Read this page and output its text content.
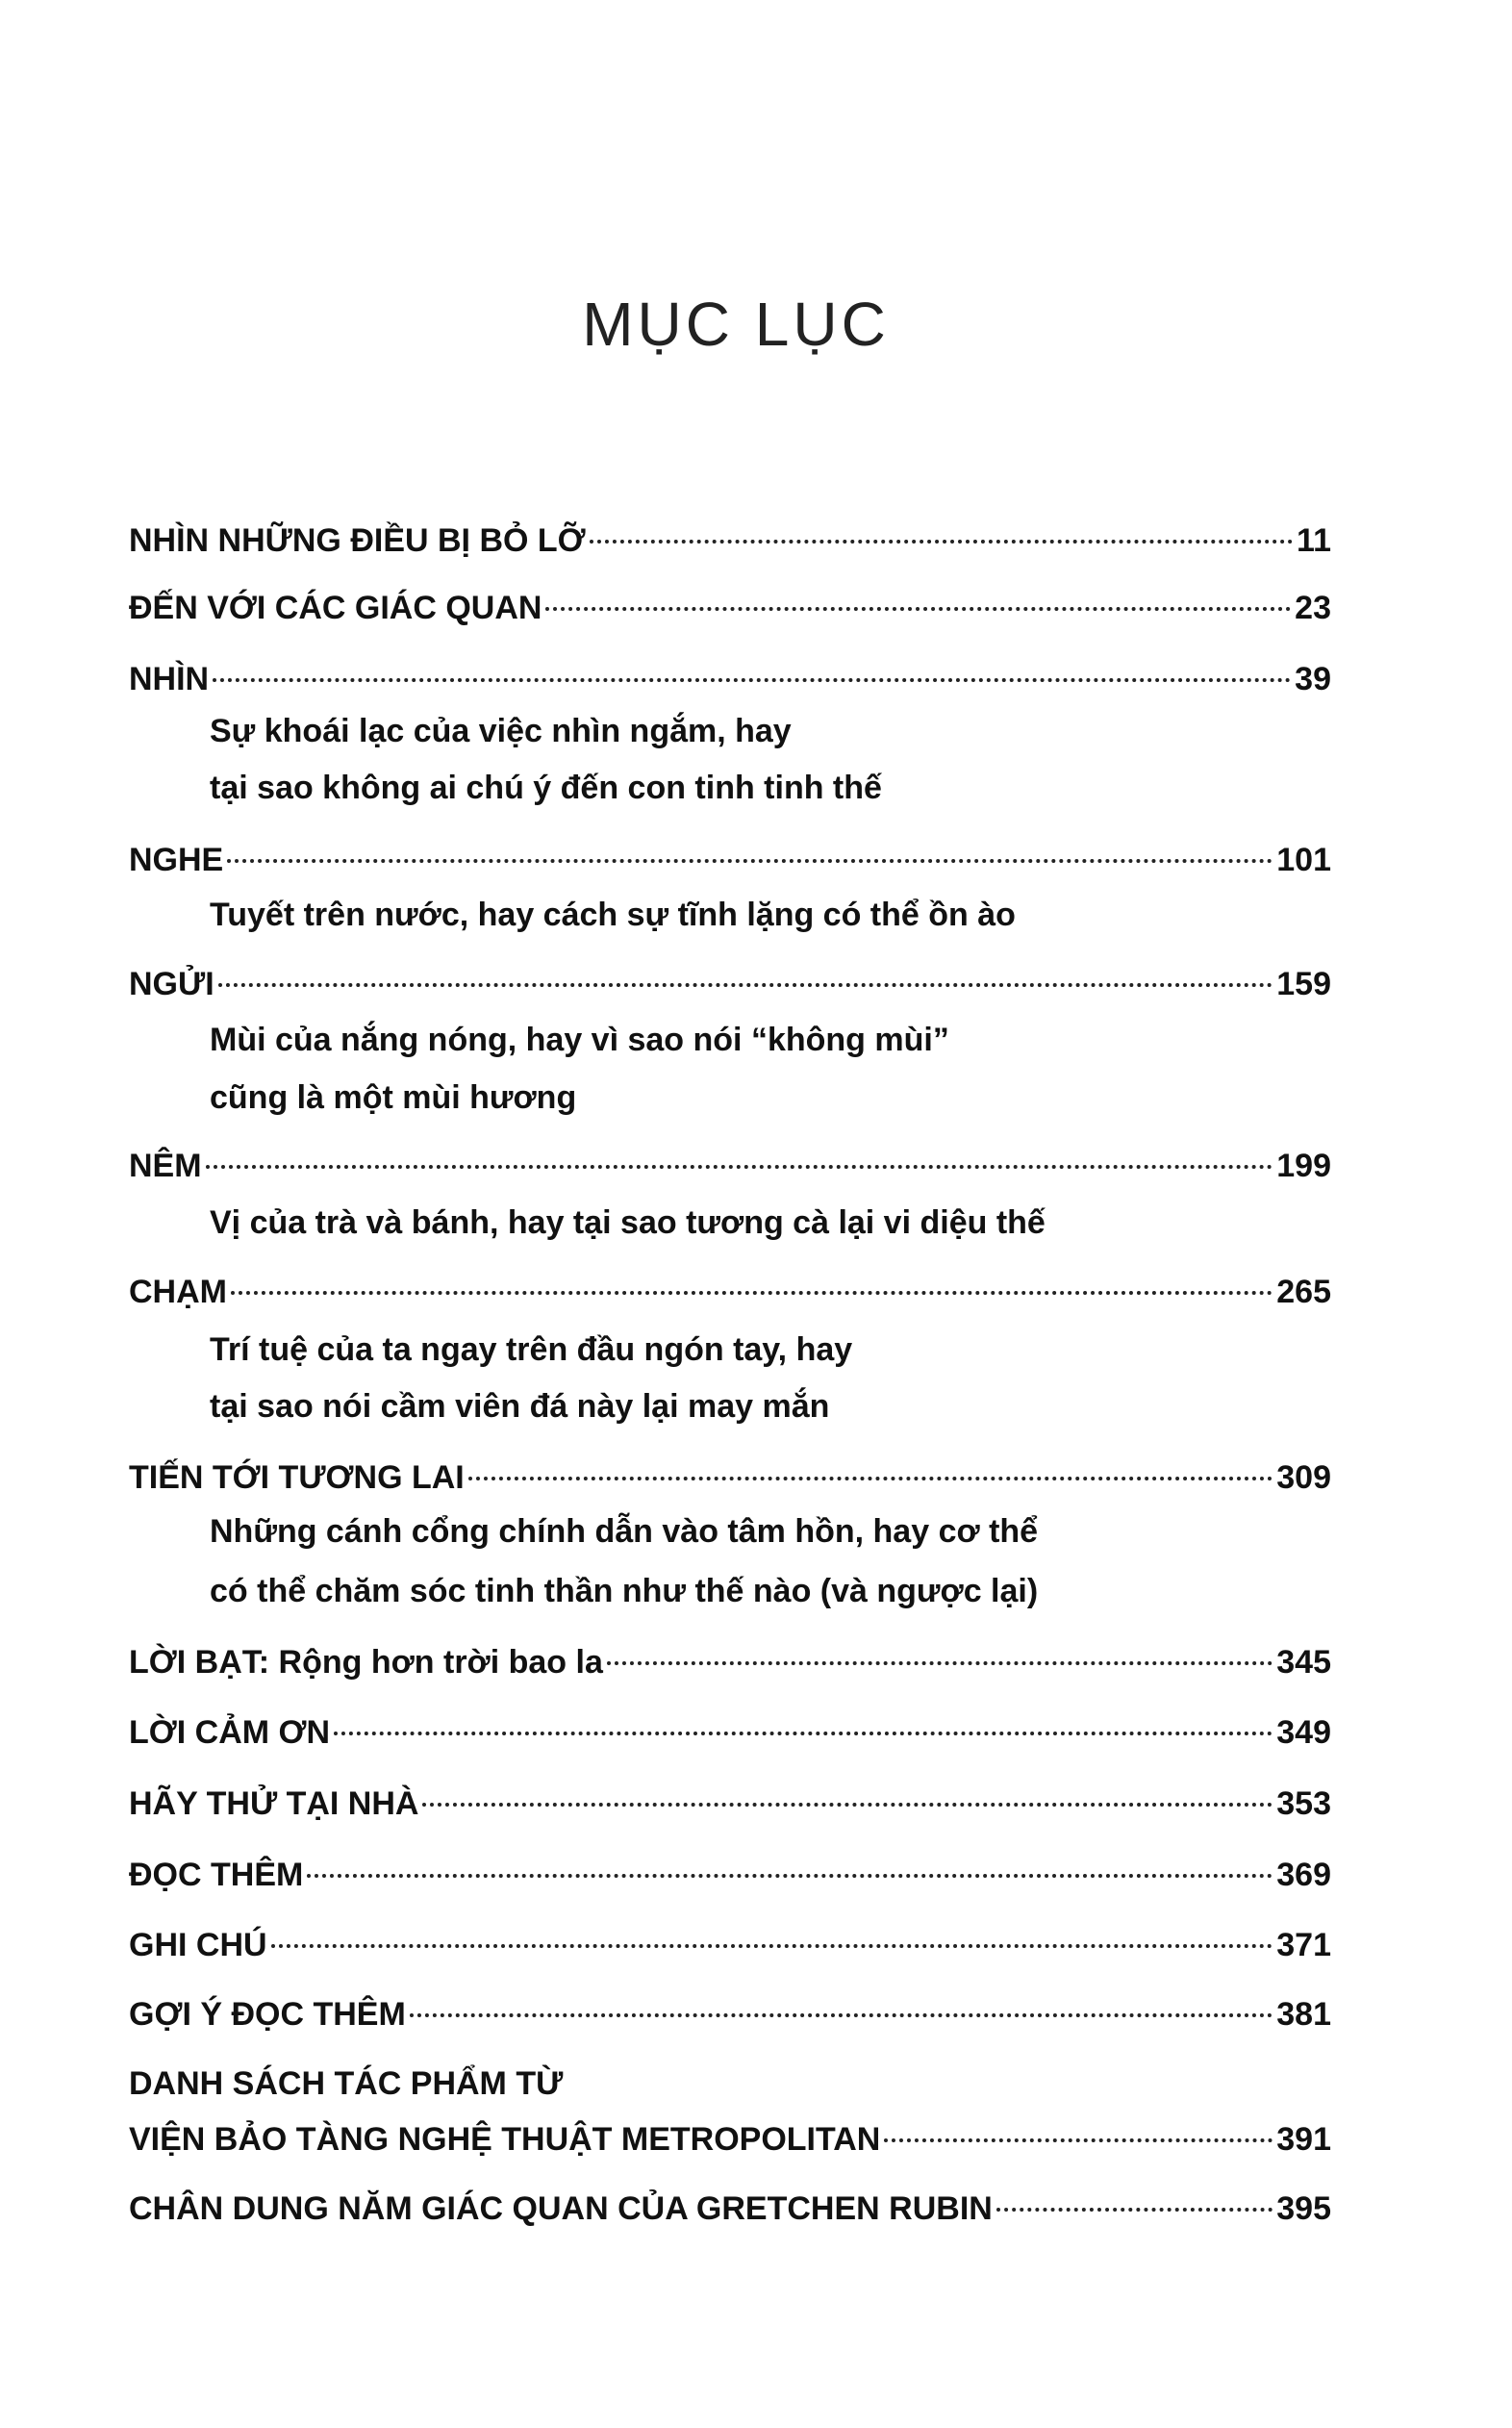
MỤC LỤC
NHÌN NHỮNG ĐIỀU BỊ BỎ LỠ	11
ĐẾN VỚI CÁC GIÁC QUAN	23
NHÌN	39
Sự khoái lạc của việc nhìn ngắm, hay
tại sao không ai chú ý đến con tinh tinh thế
NGHE	101
Tuyết trên nước, hay cách sự tĩnh lặng có thể ồn ào
NGỬI	159
Mùi của nắng nóng, hay vì sao nói “không mùi”
cũng là một mùi hương
NÊM	199
Vị của trà và bánh, hay tại sao tương cà lại vi diệu thế
CHẠM	265
Trí tuệ của ta ngay trên đầu ngón tay, hay
tại sao nói cầm viên đá này lại may mắn
TIẾN TỚI TƯƠNG LAI	309
Những cánh cổng chính dẫn vào tâm hồn, hay cơ thể
có thể chăm sóc tinh thần như thế nào (và ngược lại)
LỜI BẠT: Rộng hơn trời bao la	345
LỜI CẢM ƠN	349
HÃY THỬ TẠI NHÀ	353
ĐỌC THÊM	369
GHI CHÚ	371
GỢI Ý ĐỌC THÊM	381
DANH SÁCH TÁC PHẨM TỪ
VIỆN BẢO TÀNG NGHỆ THUẬT METROPOLITAN	391
CHÂN DUNG NĂM GIÁC QUAN CỦA GRETCHEN RUBIN	395
